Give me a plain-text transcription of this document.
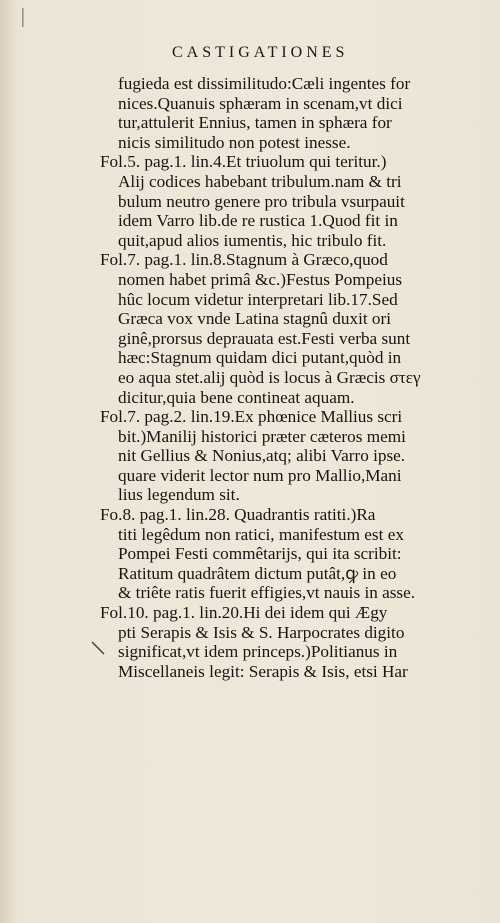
│
CASTIGATIONES
fugieda est dissimilitudo:Cæli ingentes for
nices.Quanuis sphæram in scenam,vt dici
tur,attulerit Ennius, tamen in sphæra for
nicis similitudo non potest inesse.
Fol.5. pag.1. lin.4.Et triuolum qui teritur.)
Alij codices habebant tribulum.nam & tri
bulum neutro genere pro tribula vsurpauit
idem Varro lib.de re rustica 1.Quod fit in
quit,apud alios iumentis, hic tribulo fit.
Fol.7. pag.1. lin.8.Stagnum à Græco,quod
nomen habet primâ &c.)Festus Pompeius
hûc locum videtur interpretari lib.17.Sed
Græca vox vnde Latina stagnû duxit ori
ginê,prorsus deprauata est.Festi verba sunt
hæc:Stagnum quidam dici putant,quòd in
eo aqua stet.alij quòd is locus à Græcis στεγ
dicitur,quia bene contineat aquam.
Fol.7. pag.2. lin.19.Ex phœnice Mallius scri
bit.)Manilij historici præter cæteros memi
nit Gellius & Nonius,atq; alibi Varro ipse.
quare viderit lector num pro Mallio,Mani
lius legendum sit.
Fo.8. pag.1. lin.28. Quadrantis ratiti.)Ra
titi legêdum non ratici, manifestum est ex
Pompei Festi commêtarijs, qui ita scribit:
Ratitum quadrâtem dictum putât,ꝙ in eo
& triête ratis fuerit effigies,vt nauis in asse.
Fol.10. pag.1. lin.20.Hi dei idem qui Ægy
pti Serapis & Isis & S. Harpocrates digito
significat,vt idem princeps.)Politianus in
Miscellaneis legit: Serapis & Isis, etsi Har
